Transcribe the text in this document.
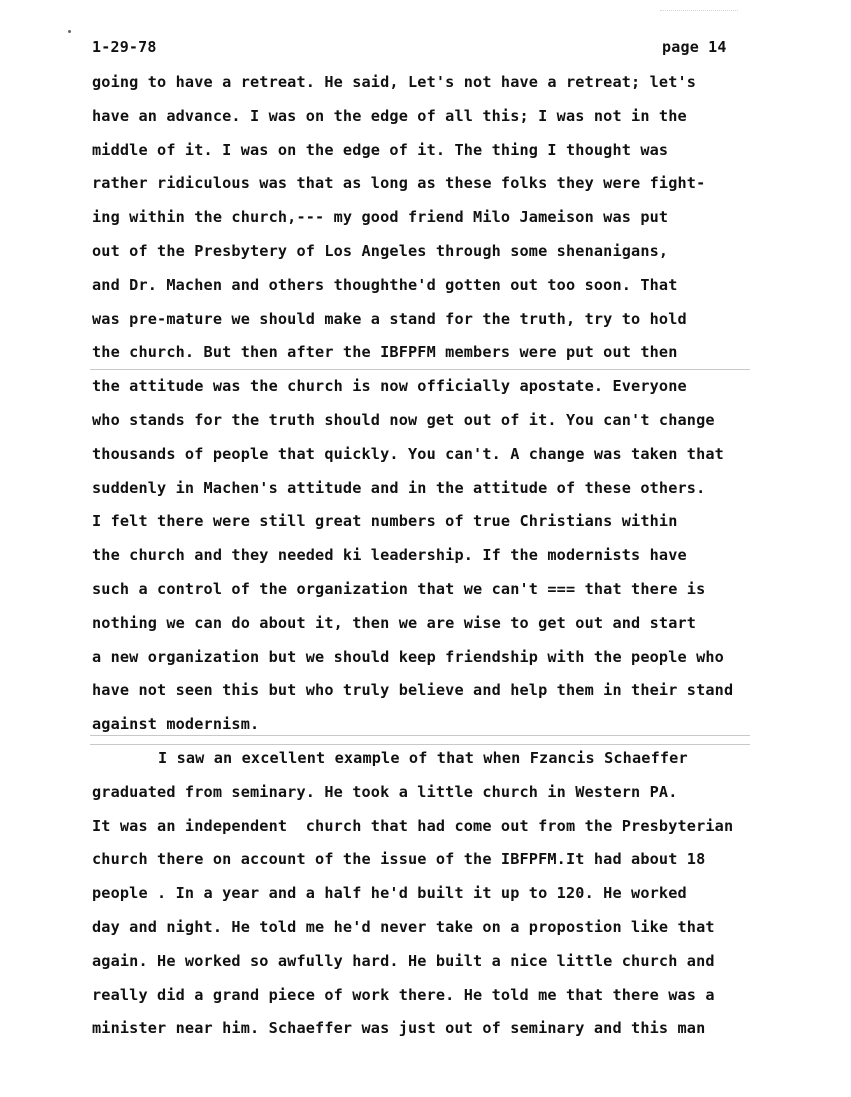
1-29-78	page 14
going to have a retreat. He said, Let's not have a retreat; let's
have an advance. I was on the edge of all this; I was not in the
middle of it. I was on the edge of it. The thing I thought was
rather ridiculous was that as long as these folks they were fight-
ing within the church,--- my good friend Milo Jameison was put
out of the Presbytery of Los Angeles through some shenanigans,
and Dr. Machen and others thoughthe'd gotten out too soon. That
was pre-mature we should make a stand for the truth, try to hold
the church. But then after the IBFPFM members were put out then
the attitude was the church is now officially apostate. Everyone
who stands for the truth should now get out of it. You can't change
thousands of people that quickly. You can't. A change was taken that
suddenly in Machen's attitude and in the attitude of these others.
I felt there were still great numbers of true Christians within
the church and they needed ki leadership. If the modernists have
such a control of the organization that we can't === that there is
nothing we can do about it, then we are wise to get out and start
a new organization but we should keep friendship with the people who
have not seen this but who truly believe and help them in their stand
against modernism.
I saw an excellent example of that when Fzancis Schaeffer
graduated from seminary. He took a little church in Western PA.
It was an independent  church that had come out from the Presbyterian
church there on account of the issue of the IBFPFM.It had about 18
people . In a year and a half he'd built it up to 120. He worked
day and night. He told me he'd never take on a propostion like that
again. He worked so awfully hard. He built a nice little church and
really did a grand piece of work there. He told me that there was a
minister near him. Schaeffer was just out of seminary and this man
